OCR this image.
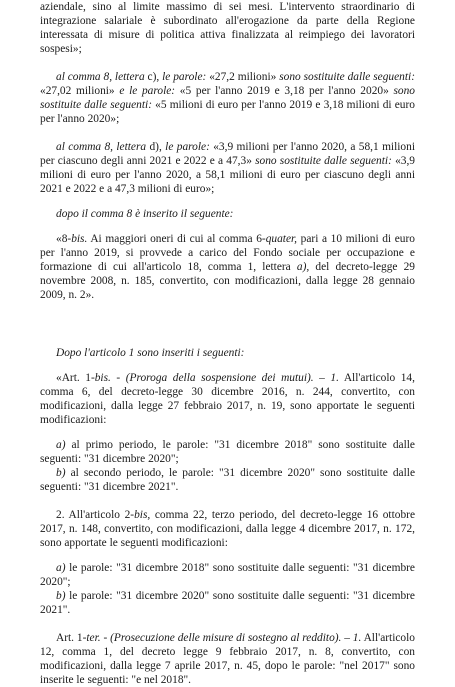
aziendale, sino al limite massimo di sei mesi. L'intervento straordinario di integrazione salariale è subordinato all'erogazione da parte della Regione interessata di misure di politica attiva finalizzata al reimpiego dei lavoratori sospesi»;

al comma 8, lettera c), le parole: «27,2 milioni» sono sostituite dalle seguenti: «27,02 milioni» e le parole: «5 per l'anno 2019 e 3,18 per l'anno 2020» sono sostituite dalle seguenti: «5 milioni di euro per l'anno 2019 e 3,18 milioni di euro per l'anno 2020»;

al comma 8, lettera d), le parole: «3,9 milioni per l'anno 2020, a 58,1 milioni per ciascuno degli anni 2021 e 2022 e a 47,3» sono sostituite dalle seguenti: «3,9 milioni di euro per l'anno 2020, a 58,1 milioni di euro per ciascuno degli anni 2021 e 2022 e a 47,3 milioni di euro»;

dopo il comma 8 è inserito il seguente:

«8-bis. Ai maggiori oneri di cui al comma 6-quater, pari a 10 milioni di euro per l'anno 2019, si provvede a carico del Fondo sociale per occupazione e formazione di cui all'articolo 18, comma 1, lettera a), del decreto-legge 29 novembre 2008, n. 185, convertito, con modificazioni, dalla legge 28 gennaio 2009, n. 2».

Dopo l'articolo 1 sono inseriti i seguenti:

«Art. 1-bis. - (Proroga della sospensione dei mutui). – 1. All'articolo 14, comma 6, del decreto-legge 30 dicembre 2016, n. 244, convertito, con modificazioni, dalla legge 27 febbraio 2017, n. 19, sono apportate le seguenti modificazioni:

a) al primo periodo, le parole: "31 dicembre 2018" sono sostituite dalle seguenti: "31 dicembre 2020";

b) al secondo periodo, le parole: "31 dicembre 2020" sono sostituite dalle seguenti: "31 dicembre 2021".

2. All'articolo 2-bis, comma 22, terzo periodo, del decreto-legge 16 ottobre 2017, n. 148, convertito, con modificazioni, dalla legge 4 dicembre 2017, n. 172, sono apportate le seguenti modificazioni:

a) le parole: "31 dicembre 2018" sono sostituite dalle seguenti: "31 dicembre 2020";

b) le parole: "31 dicembre 2020" sono sostituite dalle seguenti: "31 dicembre 2021".

Art. 1-ter. - (Prosecuzione delle misure di sostegno al reddito). – 1. All'articolo 12, comma 1, del decreto legge 9 febbraio 2017, n. 8, convertito, con modificazioni, dalla legge 7 aprile 2017, n. 45, dopo le parole: "nel 2017" sono inserite le seguenti: "e nel 2018".
